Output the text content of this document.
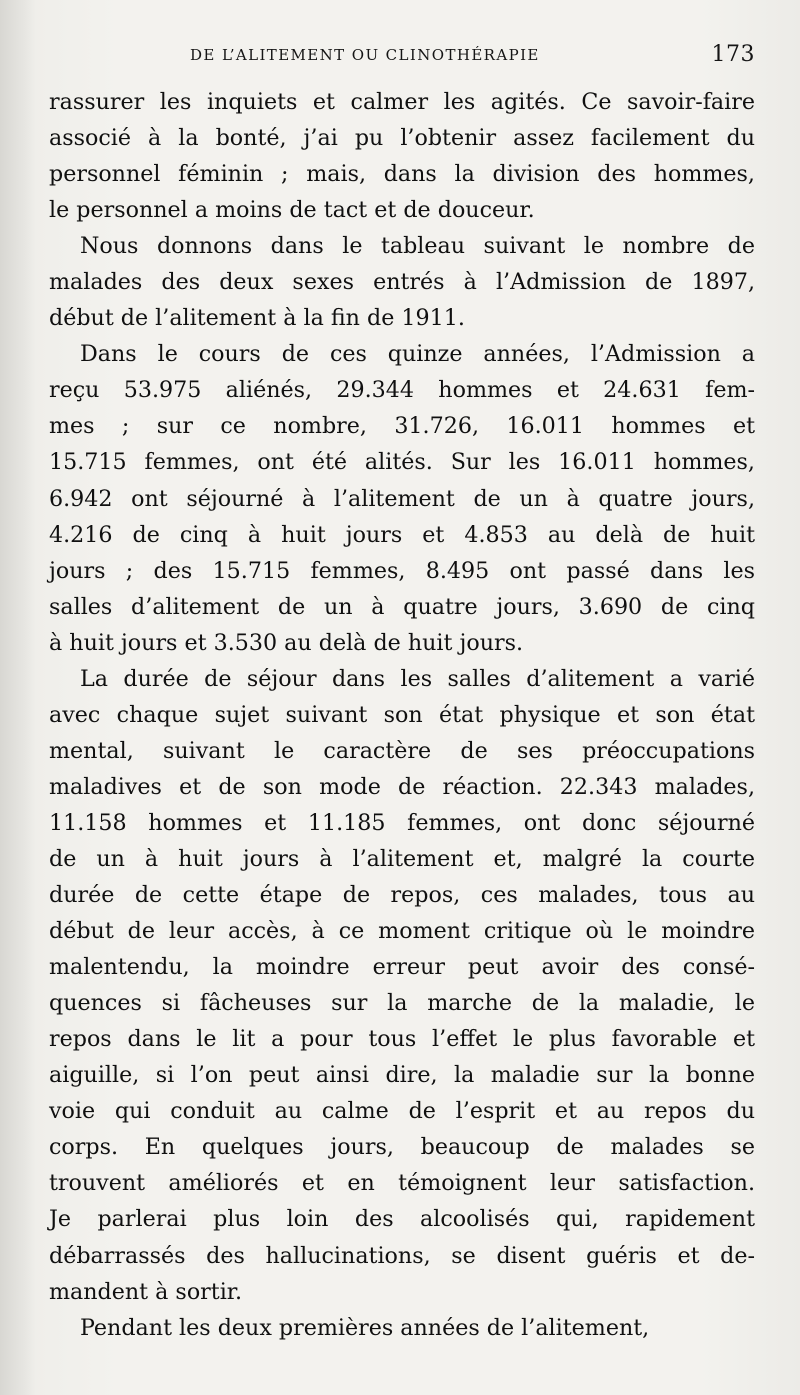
DE L’ALITEMENT OU CLINOTHÉRAPIE	173

rassurer les inquiets et calmer les agités. Ce savoir-faire
associé à la bonté, j’ai pu l’obtenir assez facilement du
personnel féminin ; mais, dans la division des hommes,
le personnel a moins de tact et de douceur.

Nous donnons dans le tableau suivant le nombre de
malades des deux sexes entrés à l’Admission de 1897,
début de l’alitement à la fin de 1911.

Dans le cours de ces quinze années, l’Admission a
reçu 53.975 aliénés, 29.344 hommes et 24.631 fem-
mes ; sur ce nombre, 31.726, 16.011 hommes et
15.715 femmes, ont été alités. Sur les 16.011 hommes,
6.942 ont séjourné à l’alitement de un à quatre jours,
4.216 de cinq à huit jours et 4.853 au delà de huit
jours ; des 15.715 femmes, 8.495 ont passé dans les
salles d’alitement de un à quatre jours, 3.690 de cinq
à huit jours et 3.530 au delà de huit jours.

La durée de séjour dans les salles d’alitement a varié
avec chaque sujet suivant son état physique et son état
mental, suivant le caractère de ses préoccupations
maladives et de son mode de réaction. 22.343 malades,
11.158 hommes et 11.185 femmes, ont donc séjourné
de un à huit jours à l’alitement et, malgré la courte
durée de cette étape de repos, ces malades, tous au
début de leur accès, à ce moment critique où le moindre
malentendu, la moindre erreur peut avoir des consé-
quences si fâcheuses sur la marche de la maladie, le
repos dans le lit a pour tous l’effet le plus favorable et
aiguille, si l’on peut ainsi dire, la maladie sur la bonne
voie qui conduit au calme de l’esprit et au repos du
corps. En quelques jours, beaucoup de malades se
trouvent améliorés et en témoignent leur satisfaction.
Je parlerai plus loin des alcoolisés qui, rapidement
débarrassés des hallucinations, se disent guéris et de-
mandent à sortir.

Pendant les deux premières années de l’alitement,
